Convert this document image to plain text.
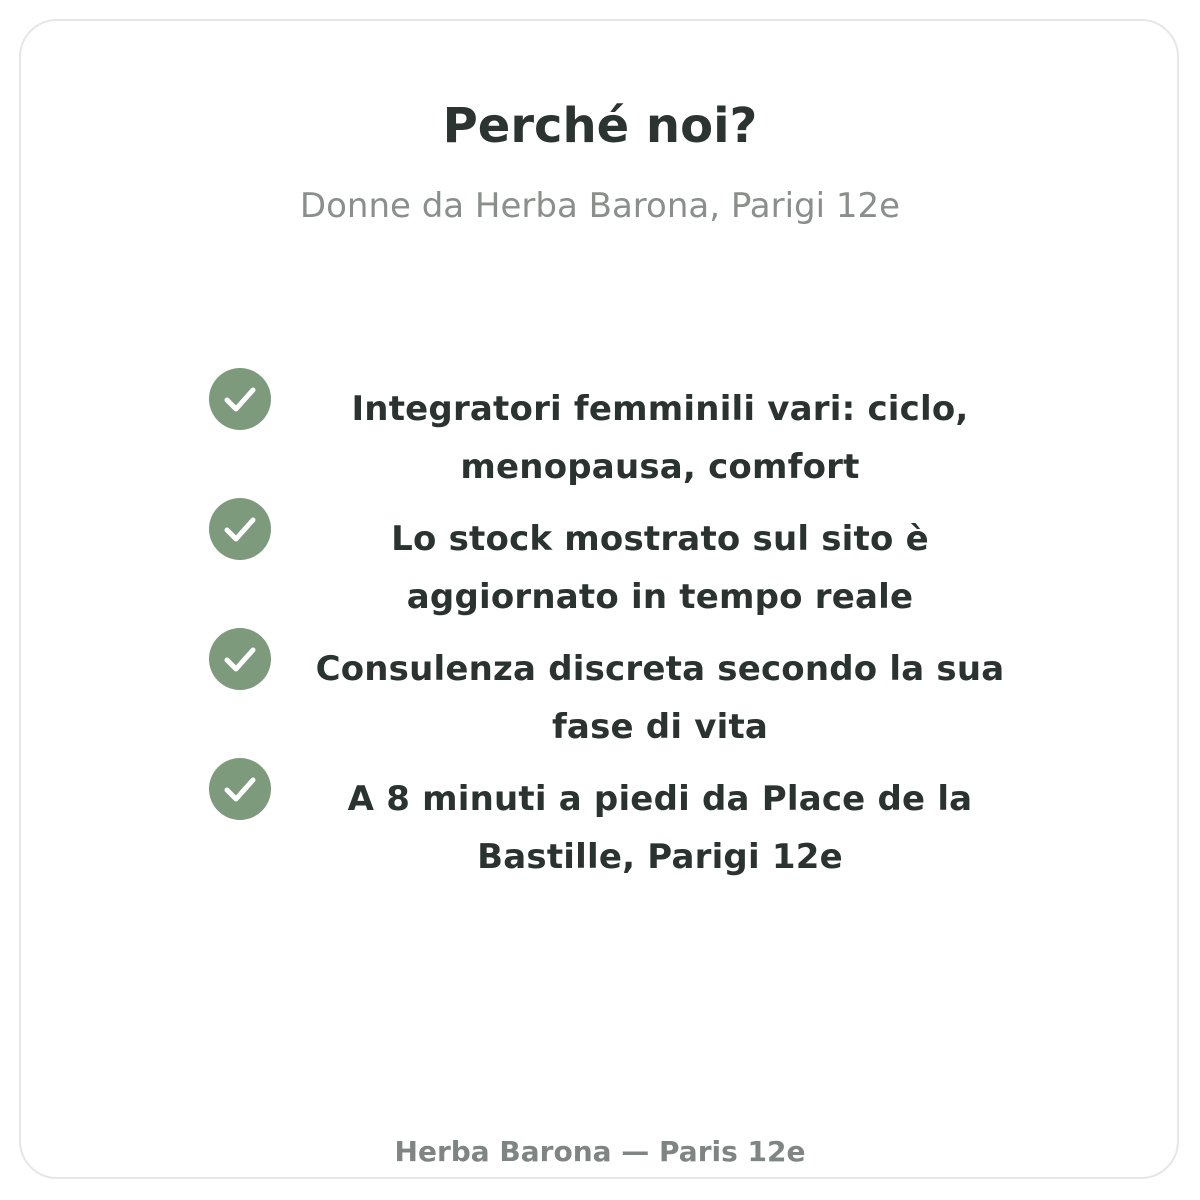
Perché noi?

Donne da Herba Barona, Parigi 12e

Integratori femminili vari: ciclo, menopausa, comfort
Lo stock mostrato sul sito è aggiornato in tempo reale
Consulenza discreta secondo la sua fase di vita
A 8 minuti a piedi da Place de la Bastille, Parigi 12e

Herba Barona — Paris 12e
